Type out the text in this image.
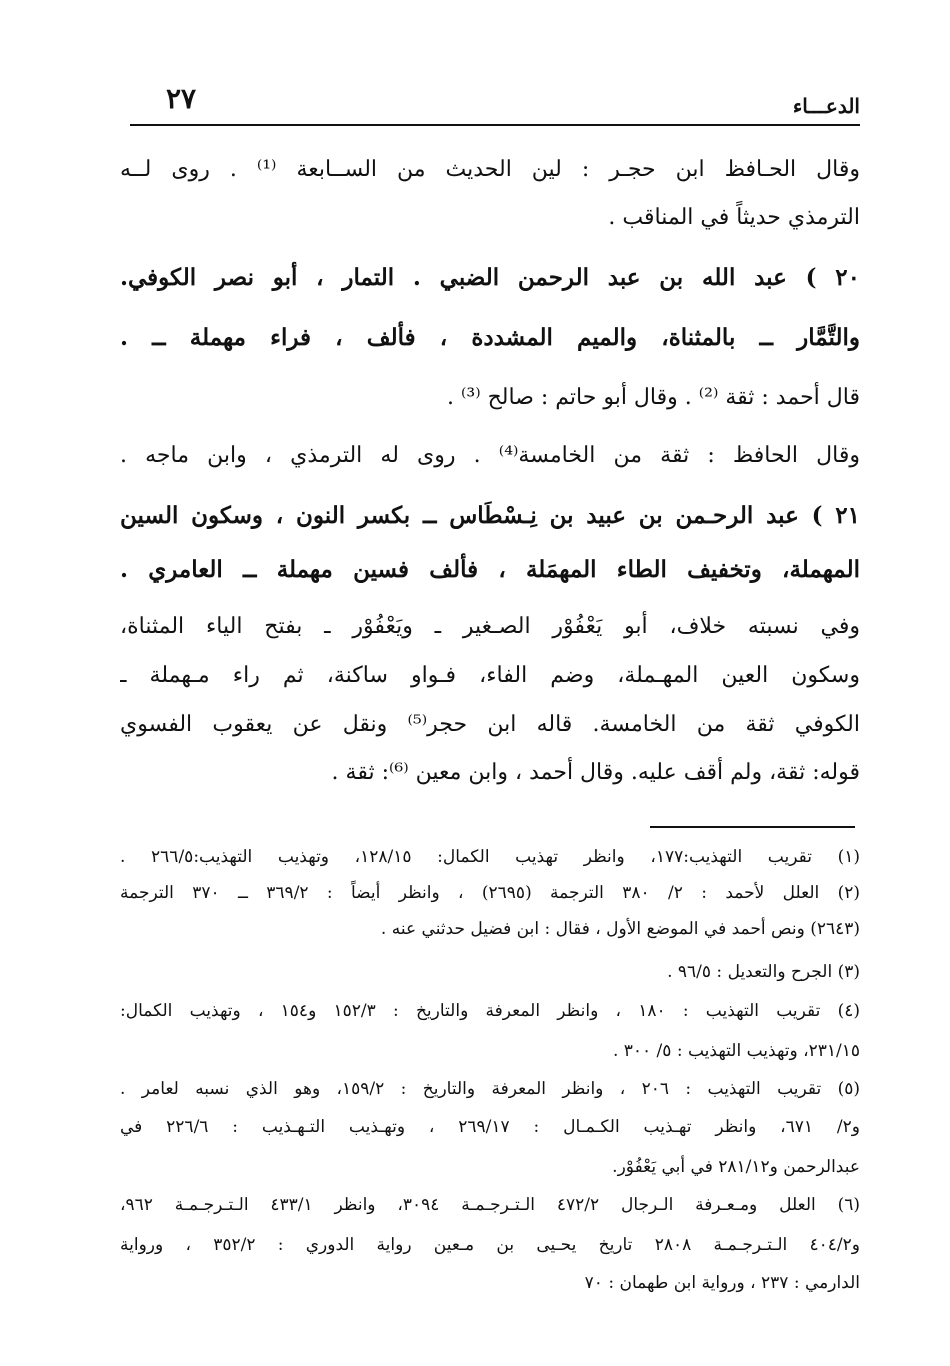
الدعـــاء
٢٧
وقال الحـافظ ابن حجـر : لين الحديث من الســابعة ⁽¹⁾ . روى لــه
الترمذي حديثاً في المناقب .
٢٠ ) عبد الله بن عبد الرحمن الضبي . التمار ، أبو نصر الكوفي.
والتَّمَّار ــ بالمثناة، والميم المشددة ، فألف ، فراء مهملة ــ .
قال أحمد : ثقة ⁽²⁾ . وقال أبو حاتم : صالح ⁽³⁾ .
وقال الحافظ : ثقة من الخامسة⁽⁴⁾ . روى له الترمذي ، وابن ماجه .
٢١ ) عبد الرحـمن بن عبيد بن نِـسْطَاس ــ بكسر النون ، وسكون السين
المهملة، وتخفيف الطاء المهمَلة ، فألف فسين مهملة ــ العامري .
وفي نسبته خلاف، أبو يَعْفُوْر الصـغير ـ ويَعْفُوْر ـ بفتح الياء المثناة،
وسكون العين المهـملة، وضم الفاء، فـواو ساكنة، ثم راء مـهملة ـ
الكوفي ثقة من الخامسة. قاله ابن حجر⁽⁵⁾ ونقل عن يعقوب الفسوي
قوله: ثقة، ولم أقف عليه. وقال أحمد ، وابن معين ⁽⁶⁾: ثقة .
(١) تقريب التهذيب:١٧٧، وانظر تهذيب الكمال: ١٢٨/١٥، وتهذيب التهذيب:٢٦٦/٥ .
(٢) العلل لأحمد : ٢/ ٣٨٠ الترجمة (٢٦٩٥) ، وانظر أيضاً : ٣٦٩/٢ ــ ٣٧٠ الترجمة
(٢٦٤٣) ونص أحمد في الموضع الأول ، فقال : ابن فضيل حدثني عنه .
(٣) الجرح والتعديل : ٩٦/٥ .
(٤) تقريب التهذيب : ١٨٠ ، وانظر المعرفة والتاريخ : ١٥٢/٣ و١٥٤ ، وتهذيب الكمال:
٢٣١/١٥، وتهذيب التهذيب : ٥/ ٣٠٠ .
(٥) تقريب التهذيب : ٢٠٦ ، وانظر المعرفة والتاريخ : ١٥٩/٢، وهو الذي نسبه لعامر .
و٢/ ٦٧١، وانظر تهـذيب الكـمـال : ٢٦٩/١٧ ، وتهـذيب التـهـذيب : ٢٢٦/٦ في
عبدالرحمن و٢٨١/١٢ في أبي يَعْفُوْر.
(٦) العلل ومـعـرفة الـرجال ٤٧٢/٢ الـتـرجـمـة ٣٠٩٤، وانظر ٤٣٣/١ الـتـرجـمـة ٩٦٢،
و٤٠٤/٢ الـتـرجـمـة ٢٨٠٨ تاريخ يحـيى بن مـعين رواية الدوري : ٣٥٢/٢ ، ورواية
الدارمي : ٢٣٧ ، ورواية ابن طهمان : ٧٠
